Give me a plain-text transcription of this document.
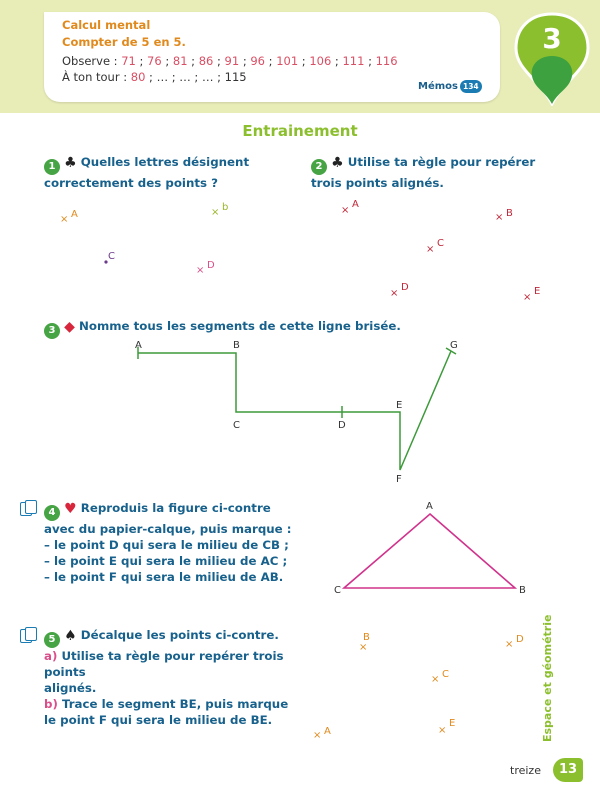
Calcul mental
Compter de 5 en 5.
Observe : 71 ; 76 ; 81 ; 86 ; 91 ; 96 ; 101 ; 106 ; 111 ; 116
À ton tour : 80 ; … ; … ; … ; 115
Mémos 134
3
Entrainement
1 ♣ Quelles lettres désignent
correctement des points ?
2 ♣ Utilise ta règle pour repérer
trois points alignés.
3 ◆ Nomme tous les segments de cette ligne brisée.
4 ♥ Reproduis la figure ci-contre
avec du papier-calque, puis marque :
– le point D qui sera le milieu de CB ;
– le point E qui sera le milieu de AC ;
– le point F qui sera le milieu de AB.
5 ♠ Décalque les points ci-contre.
a) Utilise ta règle pour repérer trois points
alignés.
b) Trace le segment BE, puis marque
le point F qui sera le milieu de BE.
× A	× b
C
× D
×
A
× B
×
C
×
D
×
E
A	B
C	D
E
F
G
A
B
C
×
B
× D
× C
× A	×
E	Espace et géométrie
treize	13
